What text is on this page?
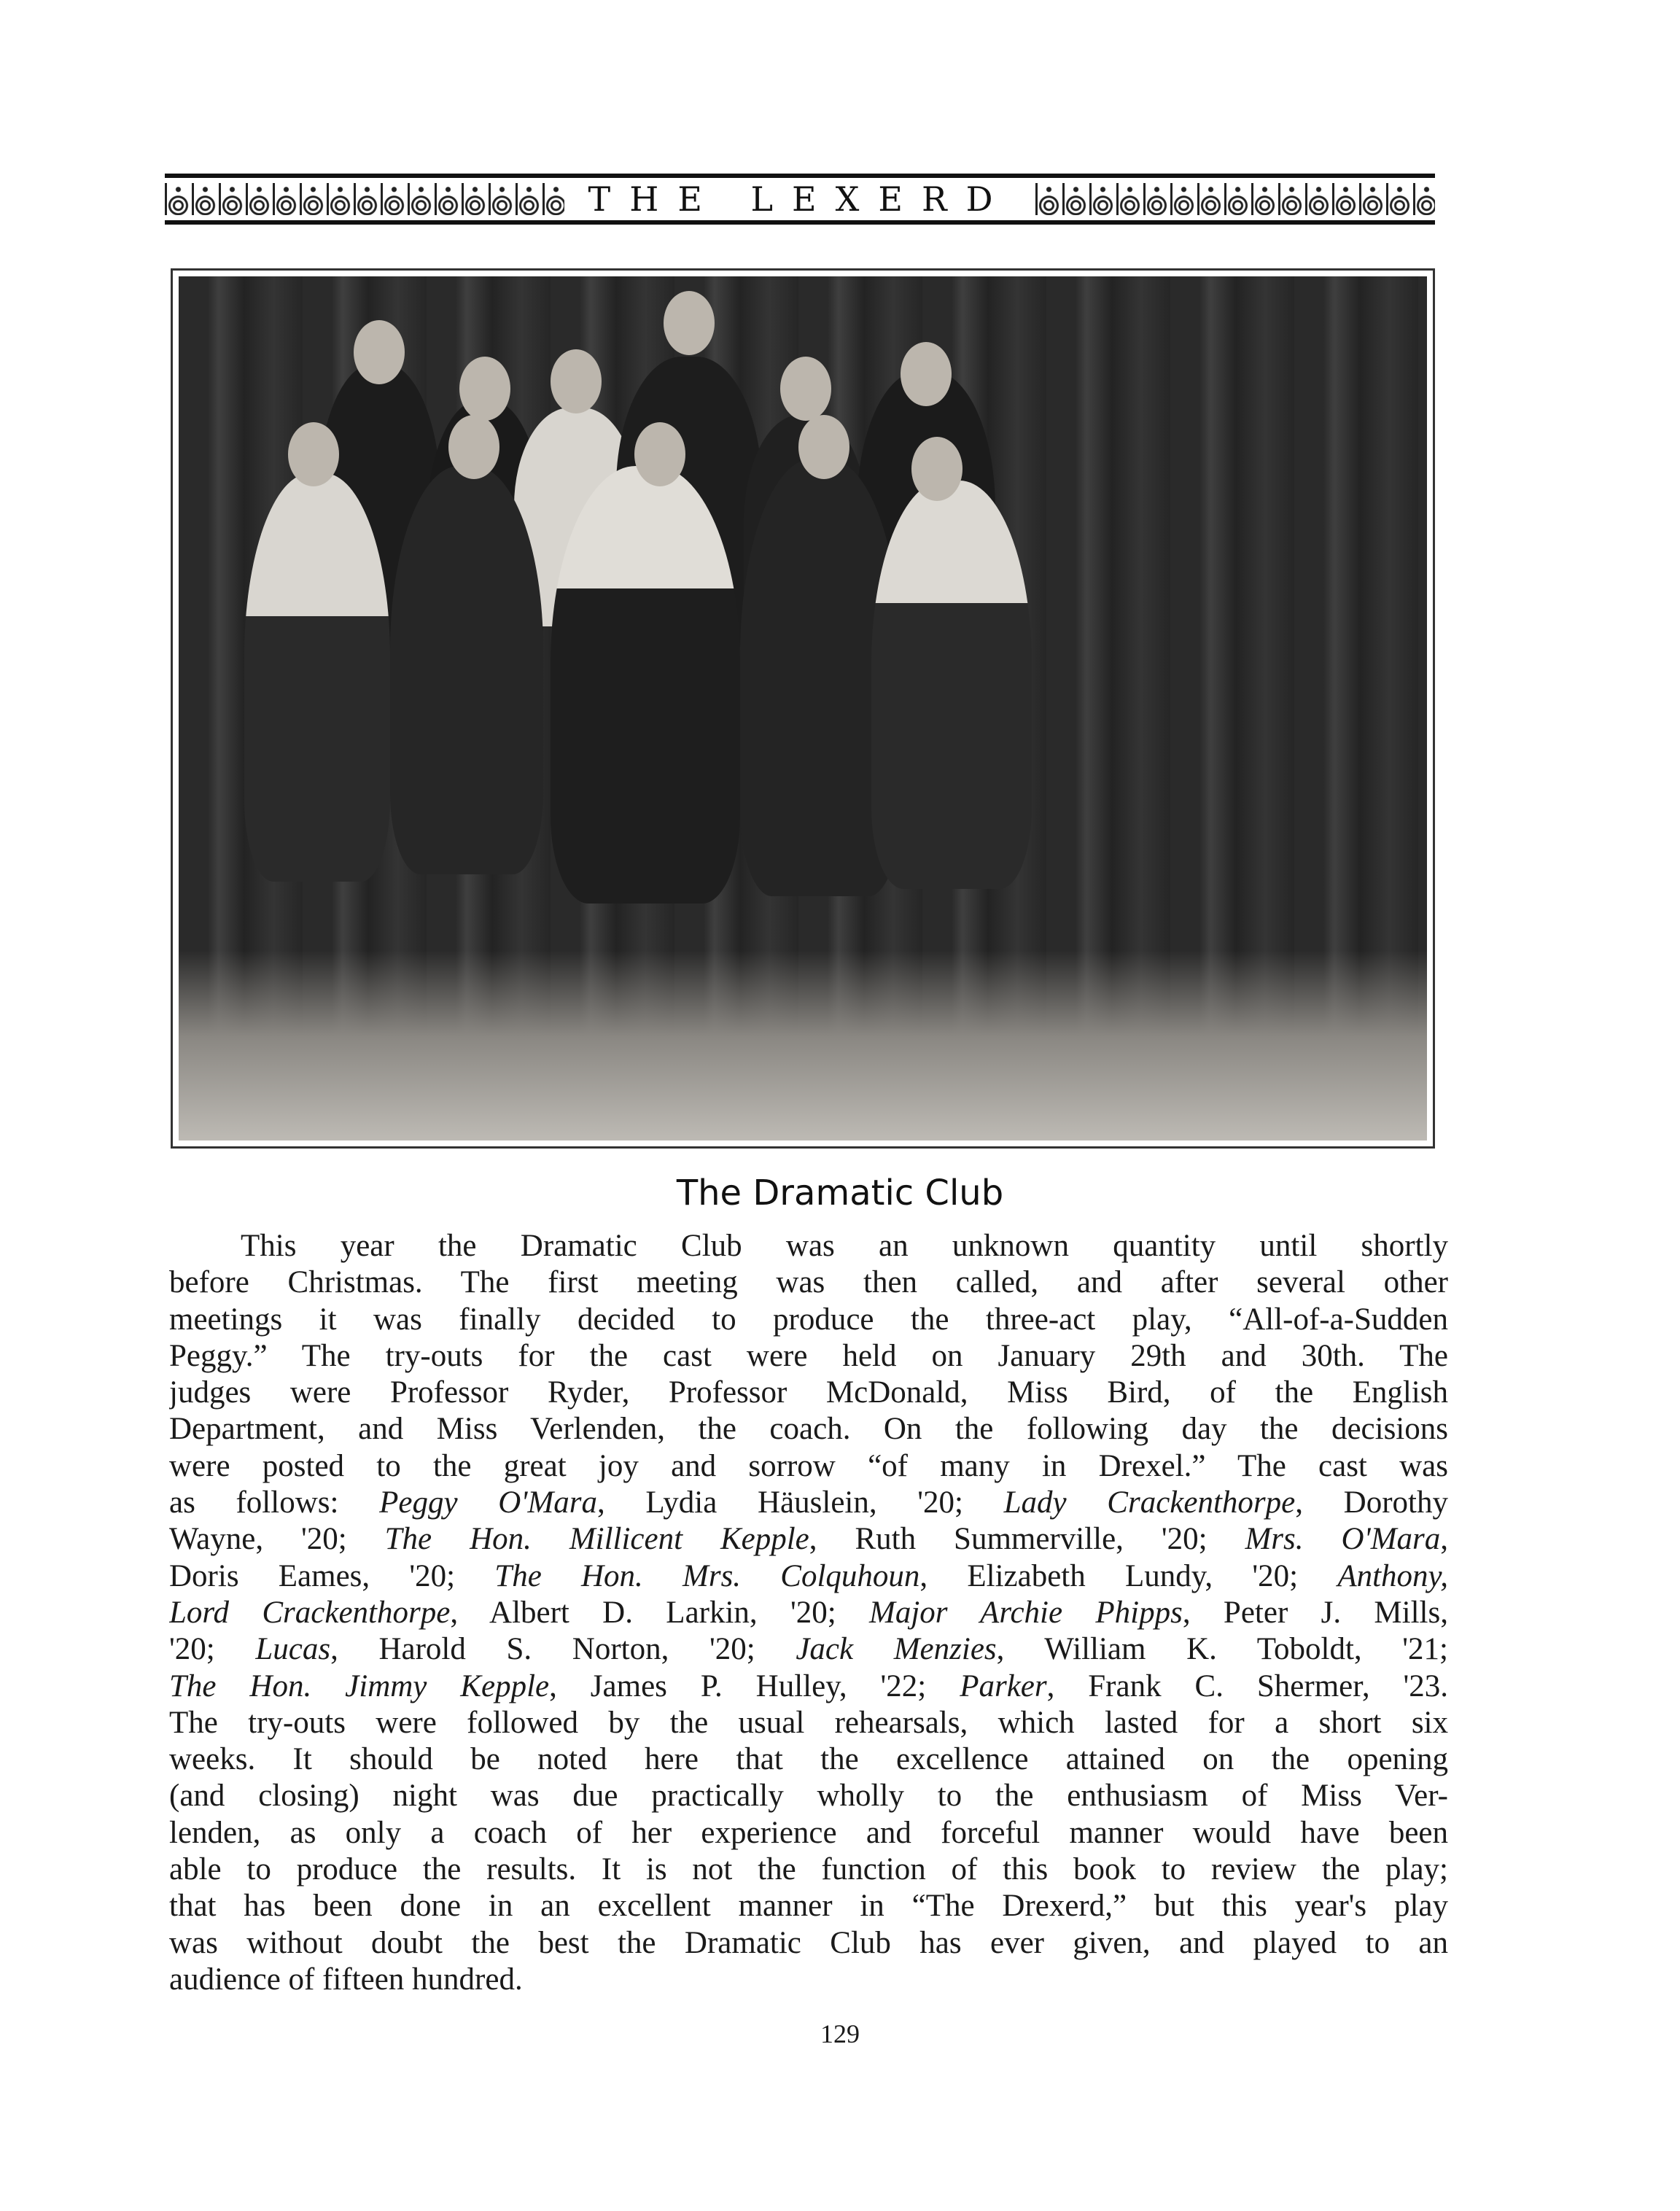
THE LEXERD
The Dramatic Club
This year the Dramatic Club was an unknown quantity until shortly
before Christmas. The first meeting was then called, and after several other
meetings it was finally decided to produce the three-act play, “All-of-a-Sudden
Peggy.” The try-outs for the cast were held on January 29th and 30th. The
judges were Professor Ryder, Professor McDonald, Miss Bird, of the English
Department, and Miss Verlenden, the coach. On the following day the decisions
were posted to the great joy and sorrow “of many in Drexel.” The cast was
as follows: Peggy O'Mara, Lydia Häuslein, '20; Lady Crackenthorpe, Dorothy
Wayne, '20; The Hon. Millicent Kepple, Ruth Summerville, '20; Mrs. O'Mara,
Doris Eames, '20; The Hon. Mrs. Colquhoun, Elizabeth Lundy, '20; Anthony,
Lord Crackenthorpe, Albert D. Larkin, '20; Major Archie Phipps, Peter J. Mills,
'20; Lucas, Harold S. Norton, '20; Jack Menzies, William K. Toboldt, '21;
The Hon. Jimmy Kepple, James P. Hulley, '22; Parker, Frank C. Shermer, '23.
The try-outs were followed by the usual rehearsals, which lasted for a short six
weeks. It should be noted here that the excellence attained on the opening
(and closing) night was due practically wholly to the enthusiasm of Miss Ver-
lenden, as only a coach of her experience and forceful manner would have been
able to produce the results. It is not the function of this book to review the play;
that has been done in an excellent manner in “The Drexerd,” but this year's play
was without doubt the best the Dramatic Club has ever given, and played to an
audience of fifteen hundred.
129
